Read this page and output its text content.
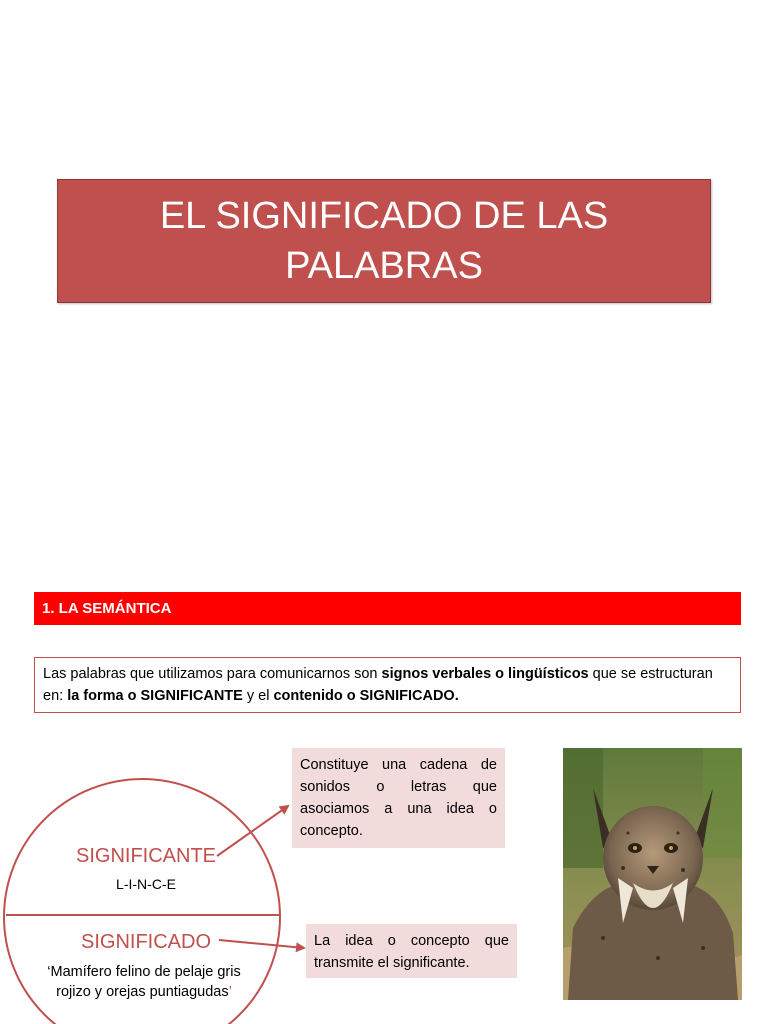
EL SIGNIFICADO DE LAS PALABRAS
1. LA SEMÁNTICA
Las palabras que utilizamos para comunicarnos son signos verbales o lingüísticos que se estructuran en: la forma o SIGNIFICANTE y el contenido o SIGNIFICADO.
SIGNIFICANTE
L-I-N-C-E
SIGNIFICADO
‘Mamífero felino de pelaje gris rojizo y orejas puntiagudas’
Constituye una cadena de sonidos o letras que asociamos a una idea o concepto.
La idea o concepto que transmite el significante.
